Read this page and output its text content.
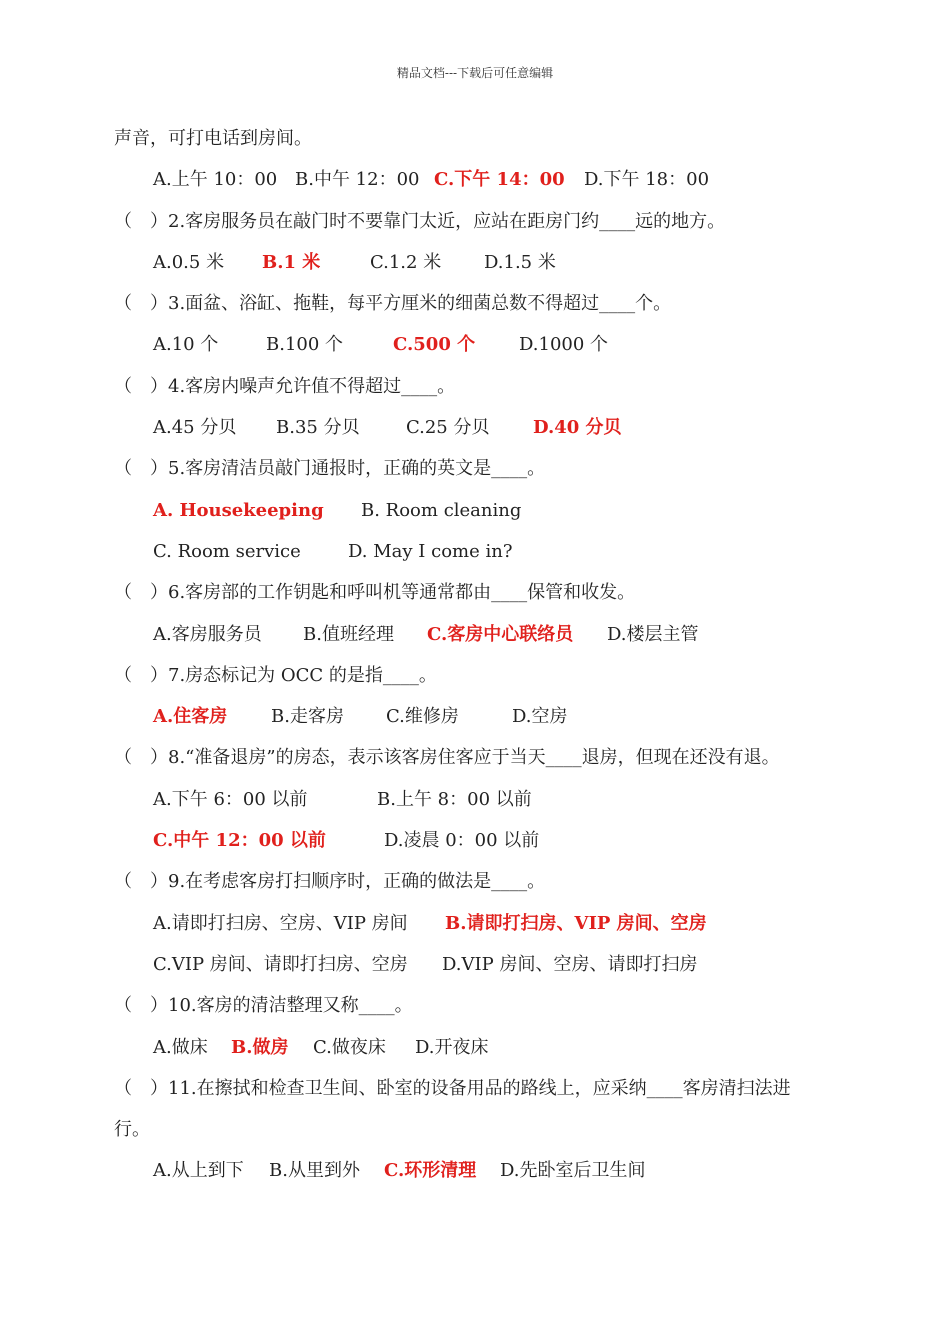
精品文档---下载后可任意编辑
声音，可打电话到房间。
A.上午 10：00 B.中午 12：00 C.下午 14：00 D.下午 18：00
（　）2.客房服务员在敲门时不要靠门太近，应站在距房门约____远的地方。
A.0.5 米 B.1 米	C.1.2 米 D.1.5 米
（　）3.面盆、浴缸、拖鞋，每平方厘米的细菌总数不得超过____个。
A.10 个	B.100 个	C.500 个 D.1000 个
（　）4.客房内噪声允许值不得超过____。
A.45 分贝 B.35 分贝	C.25 分贝 D.40 分贝
（　）5.客房清洁员敲门通报时，正确的英文是____。
A. Housekeeping B. Room cleaning
C. Room service	D. May I come in?
（　）6.客房部的工作钥匙和呼叫机等通常都由____保管和收发。
A.客房服务员 B.值班经理 C.客房中心联络员 D.楼层主管
（　）7.房态标记为 OCC 的是指____。
A.住客房 B.走客房 C.维修房	D.空房
（　）8.“准备退房”的房态，表示该客房住客应于当天____退房，但现在还没有退。
A.下午 6：00 以前	B.上午 8：00 以前
C.中午 12：00 以前	D.凌晨 0：00 以前
（　）9.在考虑客房打扫顺序时，正确的做法是____。
A.请即打扫房、空房、VIP 房间 B.请即打扫房、VIP 房间、空房
C.VIP 房间、请即打扫房、空房 D.VIP 房间、空房、请即打扫房
（　）10.客房的清洁整理又称____。
A.做床 B.做房 C.做夜床 D.开夜床
（　）11.在擦拭和检查卫生间、卧室的设备用品的路线上，应采纳____客房清扫法进
行。
A.从上到下 B.从里到外 C.环形清理 D.先卧室后卫生间
